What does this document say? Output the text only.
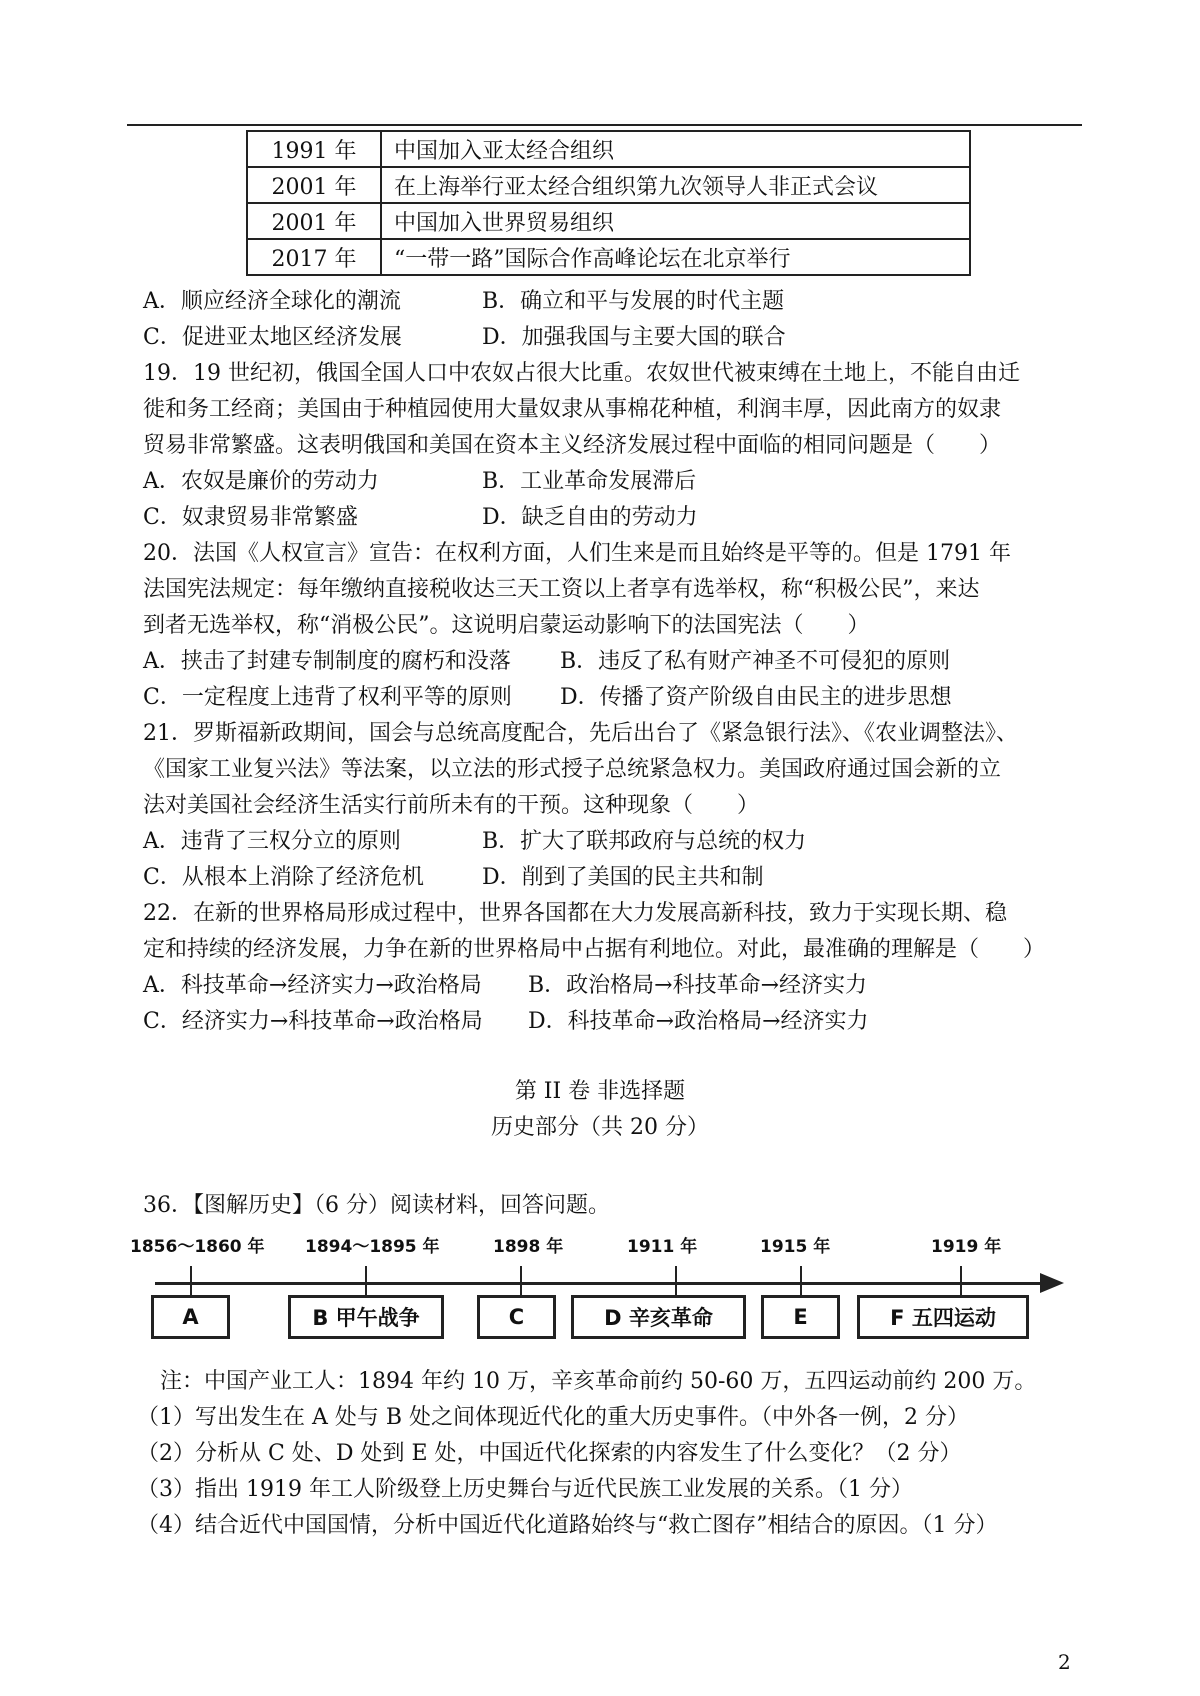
1991 年	中国加入亚太经合组织
2001 年	在上海举行亚太经合组织第九次领导人非正式会议
2001 年	中国加入世界贸易组织
2017 年	“一带一路”国际合作高峰论坛在北京举行
A．顺应经济全球化的潮流	B．确立和平与发展的时代主题
C．促进亚太地区经济发展	D．加强我国与主要大国的联合
19．19 世纪初，俄国全国人口中农奴占很大比重。农奴世代被束缚在土地上，不能自由迁
徙和务工经商；美国由于种植园使用大量奴隶从事棉花种植，利润丰厚，因此南方的奴隶
贸易非常繁盛。这表明俄国和美国在资本主义经济发展过程中面临的相同问题是（　　）
A．农奴是廉价的劳动力	B．工业革命发展滞后
C．奴隶贸易非常繁盛	D．缺乏自由的劳动力
20．法国《人权宣言》宣告：在权利方面，人们生来是而且始终是平等的。但是 1791 年
法国宪法规定：每年缴纳直接税收达三天工资以上者享有选举权，称“积极公民”，来达
到者无选举权，称“消极公民”。这说明启蒙运动影响下的法国宪法（　　）
A．挟击了封建专制制度的腐朽和没落 B．违反了私有财产神圣不可侵犯的原则
C．一定程度上违背了权利平等的原则 D．传播了资产阶级自由民主的进步思想
21．罗斯福新政期间，国会与总统高度配合，先后出台了《紧急银行法》、《农业调整法》、
《国家工业复兴法》等法案，以立法的形式授子总统紧急权力。美国政府通过国会新的立
法对美国社会经济生活实行前所未有的干预。这种现象（　　）
A．违背了三权分立的原则	B．扩大了联邦政府与总统的权力
C．从根本上消除了经济危机	D．削到了美国的民主共和制
22．在新的世界格局形成过程中，世界各国都在大力发展高新科技，致力于实现长期、稳
定和持续的经济发展，力争在新的世界格局中占据有利地位。对此，最准确的理解是（　　）
A．科技革命→经济实力→政治格局 B．政治格局→科技革命→经济实力
C．经济实力→科技革命→政治格局 D．科技革命→政治格局→经济实力
第 II 卷 非选择题
历史部分（共 20 分）
36．【图解历史】（6 分）阅读材料，回答问题。
1856～1860 年 1894～1895 年	1898 年	1911 年	1915 年	1919 年
A	B 甲午战争	C	D 辛亥革命	E	F 五四运动
注：中国产业工人：1894 年约 10 万，辛亥革命前约 50-60 万，五四运动前约 200 万。
（1）写出发生在 A 处与 B 处之间体现近代化的重大历史事件。（中外各一例，2 分）
（2）分析从 C 处、D 处到 E 处，中国近代化探索的内容发生了什么变化？（2 分）
（3）指出 1919 年工人阶级登上历史舞台与近代民族工业发展的关系。（1 分）
（4）结合近代中国国情，分析中国近代化道路始终与“救亡图存”相结合的原因。（1 分）
2
